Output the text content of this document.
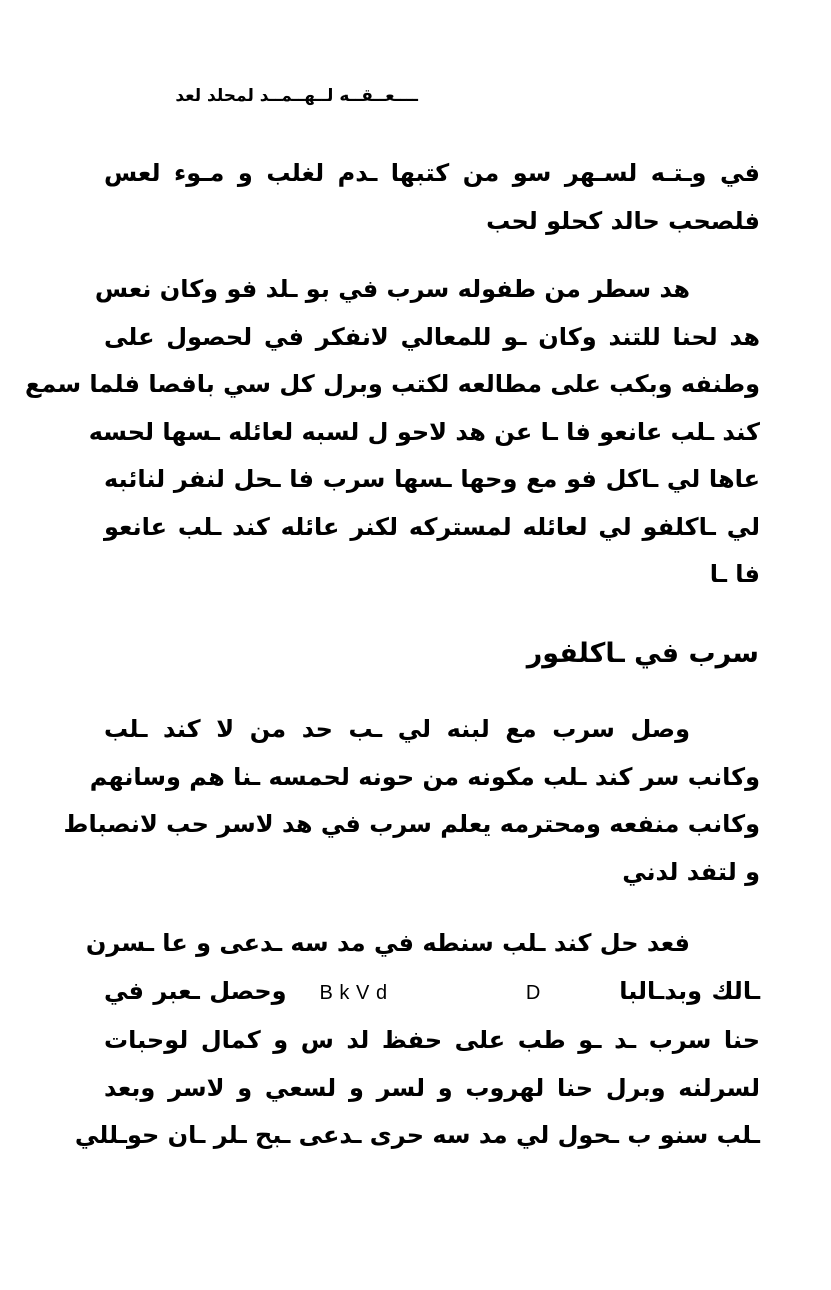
ــــعــقــه لــهــمــد لمحلد لعد
في وـتـه لسـهر سو من كتبها ـدم لغلب و مـوء لعس
فلصحب حالد كحلو لحب
هد سطر من طفوله سرب في بو ـلد فو وكان نعس
هد لحنا للتند وكان ـو للمعالي لانفكر في لحصول على
وطنفه وبكب على مطالعه لكتب وبرل كل سي بافصا فلما سمع
كند ـلب عانعو فا ـا عن هد لاحو ل لسبه لعائله ـسها لحسه
عاها لي ـاكل فو مع وحها ـسها سرب فا ـحل لنفر لنائبه
لي ـاكلفو لي لعائله لمسترکه لکنر عائله کند ـلب عانعو
فا ـا
سرب في ـاكلفور
وصل سرب مع لبنه لي ـب حد من لا كند ـلب
وكانب سر كند ـلب مكونه من حونه لحمسه ـنا هم وسانهم
وكانب منفعه ومحترمه يعلم سرب في هد لاسر حب لانصباط
و لتفد لدني
فعد حل كند ـلب سنطه في مد سه ـدعى و عا ـسرن
ـالك وبدـالبا  B k V d	D  وحصل ـعبر في
حنا سرب ـد ـو طب على حفظ لد س و كمال لوحبات
لسرلنه وبرل حنا لهروب و لسر و لسعي و لاسر وبعد
ـلب سنو ب ـحول لي مد سه حرى ـدعى ـبح ـلر ـان حوـللي
